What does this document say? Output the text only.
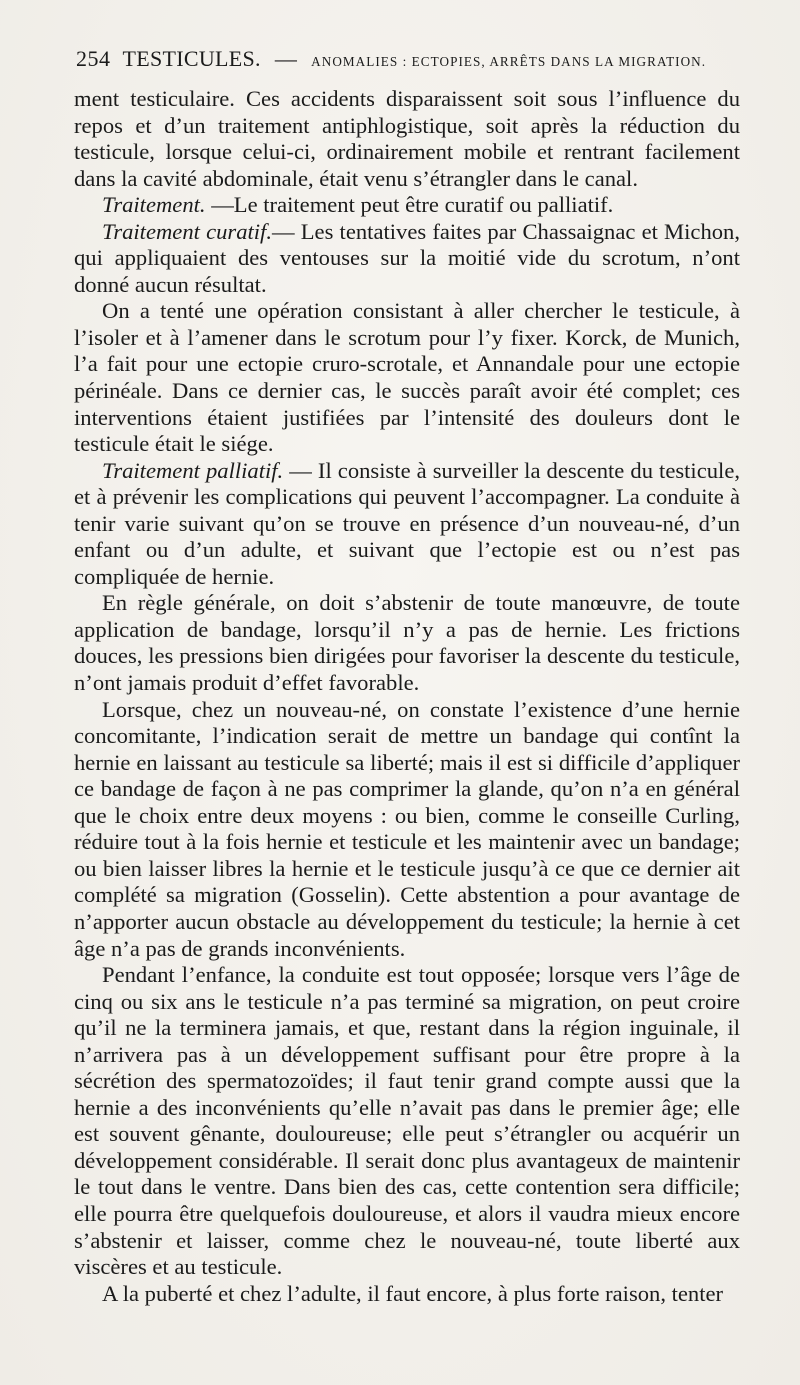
254 TESTICULES. — ANOMALIES : ECTOPIES, ARRÊTS DANS LA MIGRATION.

ment testiculaire. Ces accidents disparaissent soit sous l’influence du repos et d’un traitement antiphlogistique, soit après la réduction du testicule, lorsque celui-ci, ordinairement mobile et rentrant facilement dans la cavité abdominale, était venu s’étrangler dans le canal.

Traitement. —Le traitement peut être curatif ou palliatif.

Traitement curatif.— Les tentatives faites par Chassaignac et Michon, qui appliquaient des ventouses sur la moitié vide du scrotum, n’ont donné aucun résultat.

On a tenté une opération consistant à aller chercher le testicule, à l’isoler et à l’amener dans le scrotum pour l’y fixer. Korck, de Munich, l’a fait pour une ectopie cruro-scrotale, et Annandale pour une ectopie périnéale. Dans ce dernier cas, le succès paraît avoir été complet; ces interventions étaient justifiées par l’intensité des douleurs dont le testicule était le siége.

Traitement palliatif. — Il consiste à surveiller la descente du testicule, et à prévenir les complications qui peuvent l’accompagner. La conduite à tenir varie suivant qu’on se trouve en présence d’un nouveau-né, d’un enfant ou d’un adulte, et suivant que l’ectopie est ou n’est pas compliquée de hernie.

En règle générale, on doit s’abstenir de toute manœuvre, de toute application de bandage, lorsqu’il n’y a pas de hernie. Les frictions douces, les pressions bien dirigées pour favoriser la descente du testicule, n’ont jamais produit d’effet favorable.

Lorsque, chez un nouveau-né, on constate l’existence d’une hernie concomitante, l’indication serait de mettre un bandage qui contînt la hernie en laissant au testicule sa liberté; mais il est si difficile d’appliquer ce bandage de façon à ne pas comprimer la glande, qu’on n’a en général que le choix entre deux moyens : ou bien, comme le conseille Curling, réduire tout à la fois hernie et testicule et les maintenir avec un bandage; ou bien laisser libres la hernie et le testicule jusqu’à ce que ce dernier ait complété sa migration (Gosselin). Cette abstention a pour avantage de n’apporter aucun obstacle au développement du testicule; la hernie à cet âge n’a pas de grands inconvénients.

Pendant l’enfance, la conduite est tout opposée; lorsque vers l’âge de cinq ou six ans le testicule n’a pas terminé sa migration, on peut croire qu’il ne la terminera jamais, et que, restant dans la région inguinale, il n’arrivera pas à un développement suffisant pour être propre à la sécrétion des spermatozoïdes; il faut tenir grand compte aussi que la hernie a des inconvénients qu’elle n’avait pas dans le premier âge; elle est souvent gênante, douloureuse; elle peut s’étrangler ou acquérir un développement considérable. Il serait donc plus avantageux de maintenir le tout dans le ventre. Dans bien des cas, cette contention sera difficile; elle pourra être quelquefois douloureuse, et alors il vaudra mieux encore s’abstenir et laisser, comme chez le nouveau-né, toute liberté aux viscères et au testicule.

A la puberté et chez l’adulte, il faut encore, à plus forte raison, tenter
